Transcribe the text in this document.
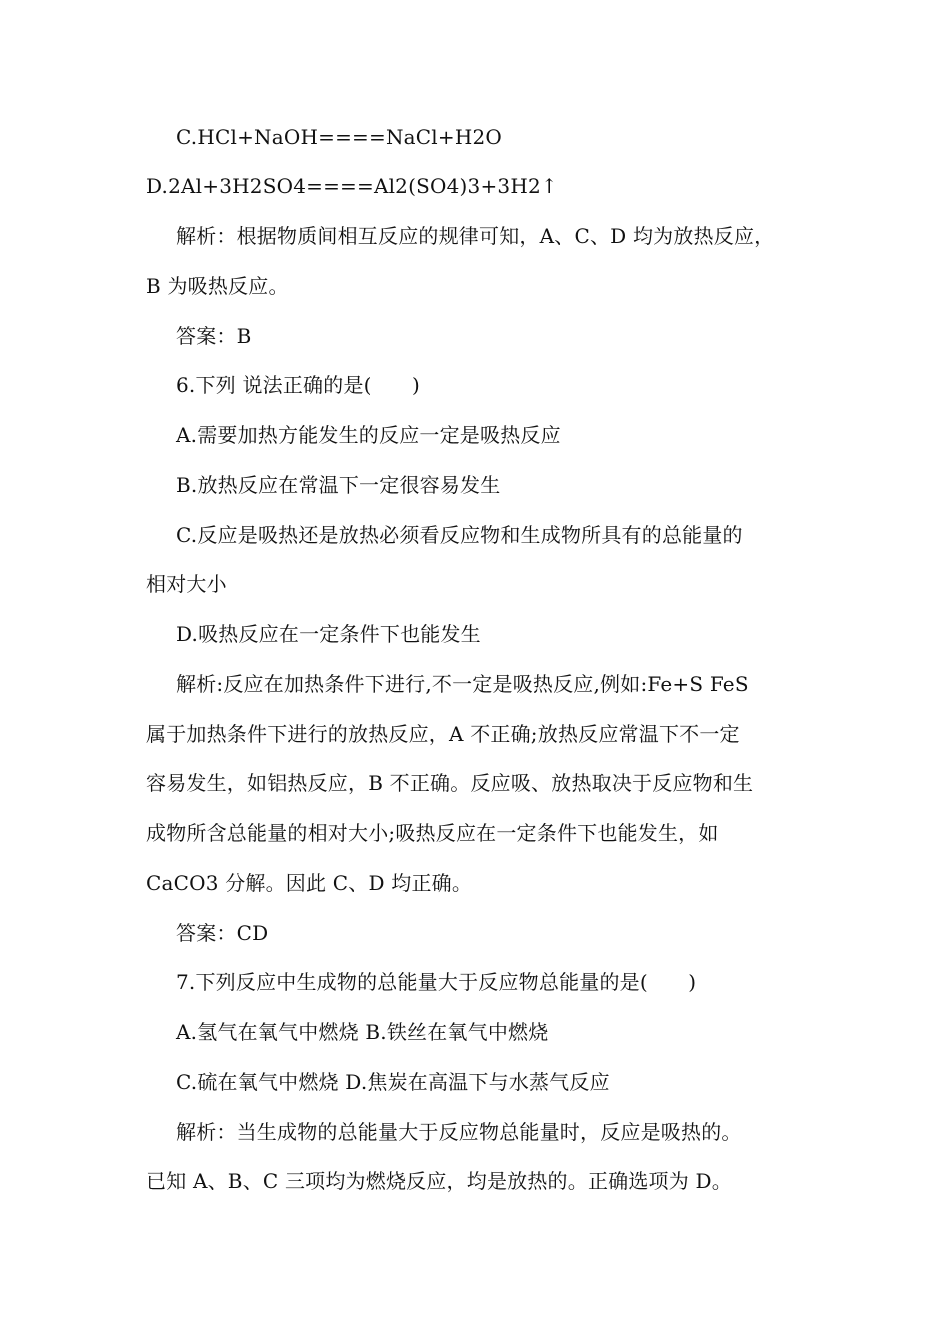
C.HCl+NaOH====NaCl+H2O
D.2Al+3H2SO4====Al2(SO4)3+3H2↑
解析：根据物质间相互反应的规律可知，A、C、D 均为放热反应，
B 为吸热反应。
答案：B
6.下列 说法正确的是(　　)
A.需要加热方能发生的反应一定是吸热反应
B.放热反应在常温下一定很容易发生
C.反应是吸热还是放热必须看反应物和生成物所具有的总能量的
相对大小
D.吸热反应在一定条件下也能发生
解析:反应在加热条件下进行,不一定是吸热反应,例如:Fe+S FeS
属于加热条件下进行的放热反应，A 不正确;放热反应常温下不一定
容易发生，如铝热反应，B 不正确。反应吸、放热取决于反应物和生
成物所含总能量的相对大小;吸热反应在一定条件下也能发生，如
CaCO3 分解。因此 C、D 均正确。
答案：CD
7.下列反应中生成物的总能量大于反应物总能量的是(　　)
A.氢气在氧气中燃烧 B.铁丝在氧气中燃烧
C.硫在氧气中燃烧 D.焦炭在高温下与水蒸气反应
解析：当生成物的总能量大于反应物总能量时，反应是吸热的。
已知 A、B、C 三项均为燃烧反应，均是放热的。正确选项为 D。
